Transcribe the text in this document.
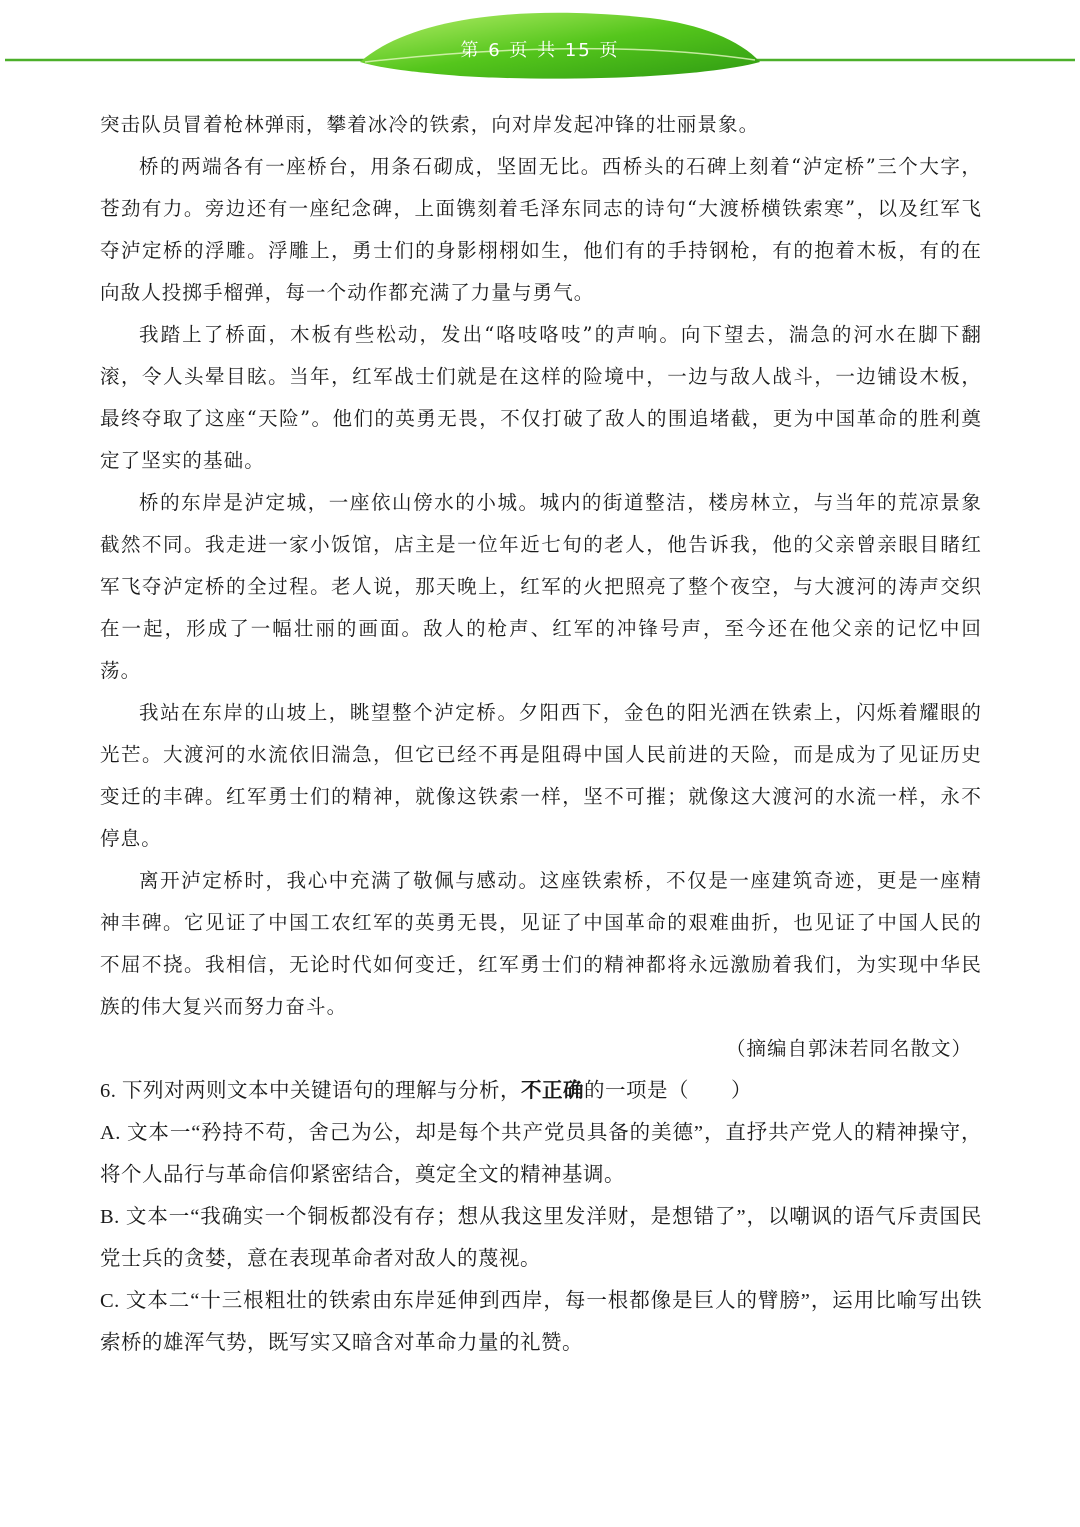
第 6 页 共 15 页

突击队员冒着枪林弹雨，攀着冰冷的铁索，向对岸发起冲锋的壮丽景象。

桥的两端各有一座桥台，用条石砌成，坚固无比。西桥头的石碑上刻着“泸定桥”三个大字，苍劲有力。旁边还有一座纪念碑，上面镌刻着毛泽东同志的诗句“大渡桥横铁索寒”，以及红军飞夺泸定桥的浮雕。浮雕上，勇士们的身影栩栩如生，他们有的手持钢枪，有的抱着木板，有的在向敌人投掷手榴弹，每一个动作都充满了力量与勇气。

我踏上了桥面，木板有些松动，发出“咯吱咯吱”的声响。向下望去，湍急的河水在脚下翻滚，令人头晕目眩。当年，红军战士们就是在这样的险境中，一边与敌人战斗，一边铺设木板，最终夺取了这座“天险”。他们的英勇无畏，不仅打破了敌人的围追堵截，更为中国革命的胜利奠定了坚实的基础。

桥的东岸是泸定城，一座依山傍水的小城。城内的街道整洁，楼房林立，与当年的荒凉景象截然不同。我走进一家小饭馆，店主是一位年近七旬的老人，他告诉我，他的父亲曾亲眼目睹红军飞夺泸定桥的全过程。老人说，那天晚上，红军的火把照亮了整个夜空，与大渡河的涛声交织在一起，形成了一幅壮丽的画面。敌人的枪声、红军的冲锋号声，至今还在他父亲的记忆中回荡。

我站在东岸的山坡上，眺望整个泸定桥。夕阳西下，金色的阳光洒在铁索上，闪烁着耀眼的光芒。大渡河的水流依旧湍急，但它已经不再是阻碍中国人民前进的天险，而是成为了见证历史变迁的丰碑。红军勇士们的精神，就像这铁索一样，坚不可摧；就像这大渡河的水流一样，永不停息。

离开泸定桥时，我心中充满了敬佩与感动。这座铁索桥，不仅是一座建筑奇迹，更是一座精神丰碑。它见证了中国工农红军的英勇无畏，见证了中国革命的艰难曲折，也见证了中国人民的不屈不挠。我相信，无论时代如何变迁，红军勇士们的精神都将永远激励着我们，为实现中华民族的伟大复兴而努力奋斗。

（摘编自郭沫若同名散文）

6. 下列对两则文本中关键语句的理解与分析，不正确的一项是（　　）

A. 文本一“矜持不苟，舍己为公，却是每个共产党员具备的美德”，直抒共产党人的精神操守，将个人品行与革命信仰紧密结合，奠定全文的精神基调。

B. 文本一“我确实一个铜板都没有存；想从我这里发洋财，是想错了”，以嘲讽的语气斥责国民党士兵的贪婪，意在表现革命者对敌人的蔑视。

C. 文本二“十三根粗壮的铁索由东岸延伸到西岸，每一根都像是巨人的臂膀”，运用比喻写出铁索桥的雄浑气势，既写实又暗含对革命力量的礼赞。
